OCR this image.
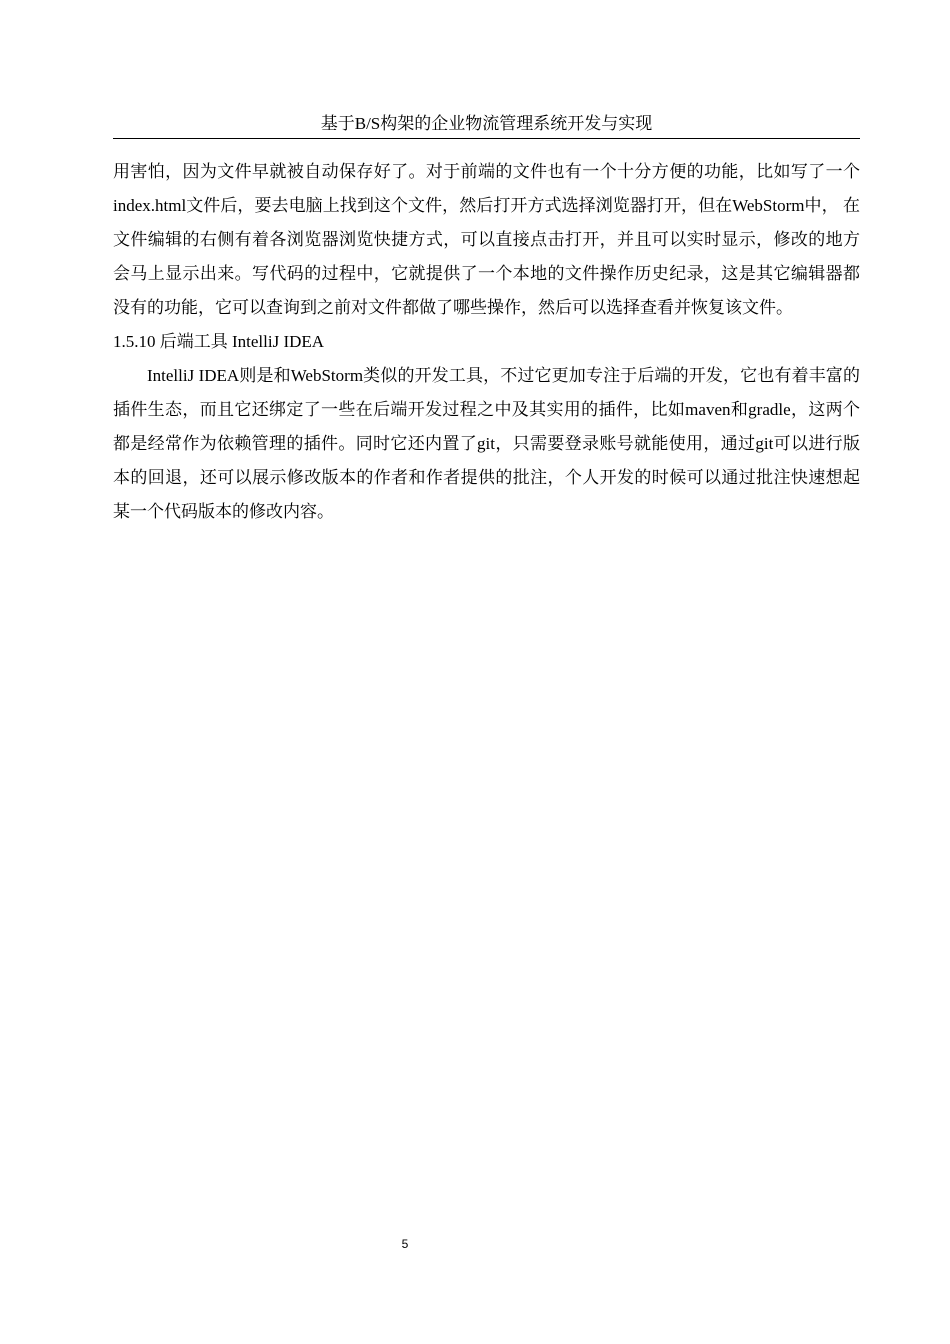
基于B/S构架的企业物流管理系统开发与实现

用害怕，因为文件早就被自动保存好了。对于前端的文件也有一个十分方便的功能，比如写了一个 index.html文件后，要去电脑上找到这个文件，然后打开方式选择浏览器打开，但在WebStorm中， 在文件编辑的右侧有着各浏览器浏览快捷方式，可以直接点击打开，并且可以实时显示，修改的地方会马上显示出来。写代码的过程中，它就提供了一个本地的文件操作历史纪录，这是其它编辑器都没有的功能，它可以查询到之前对文件都做了哪些操作，然后可以选择查看并恢复该文件。

1.5.10 后端工具 IntelliJ IDEA

IntelliJ IDEA则是和WebStorm类似的开发工具，不过它更加专注于后端的开发，它也有着丰富的插件生态，而且它还绑定了一些在后端开发过程之中及其实用的插件，比如maven和gradle，这两个都是经常作为依赖管理的插件。同时它还内置了git，只需要登录账号就能使用，通过git可以进行版本的回退，还可以展示修改版本的作者和作者提供的批注，个人开发的时候可以通过批注快速想起某一个代码版本的修改内容。

5
